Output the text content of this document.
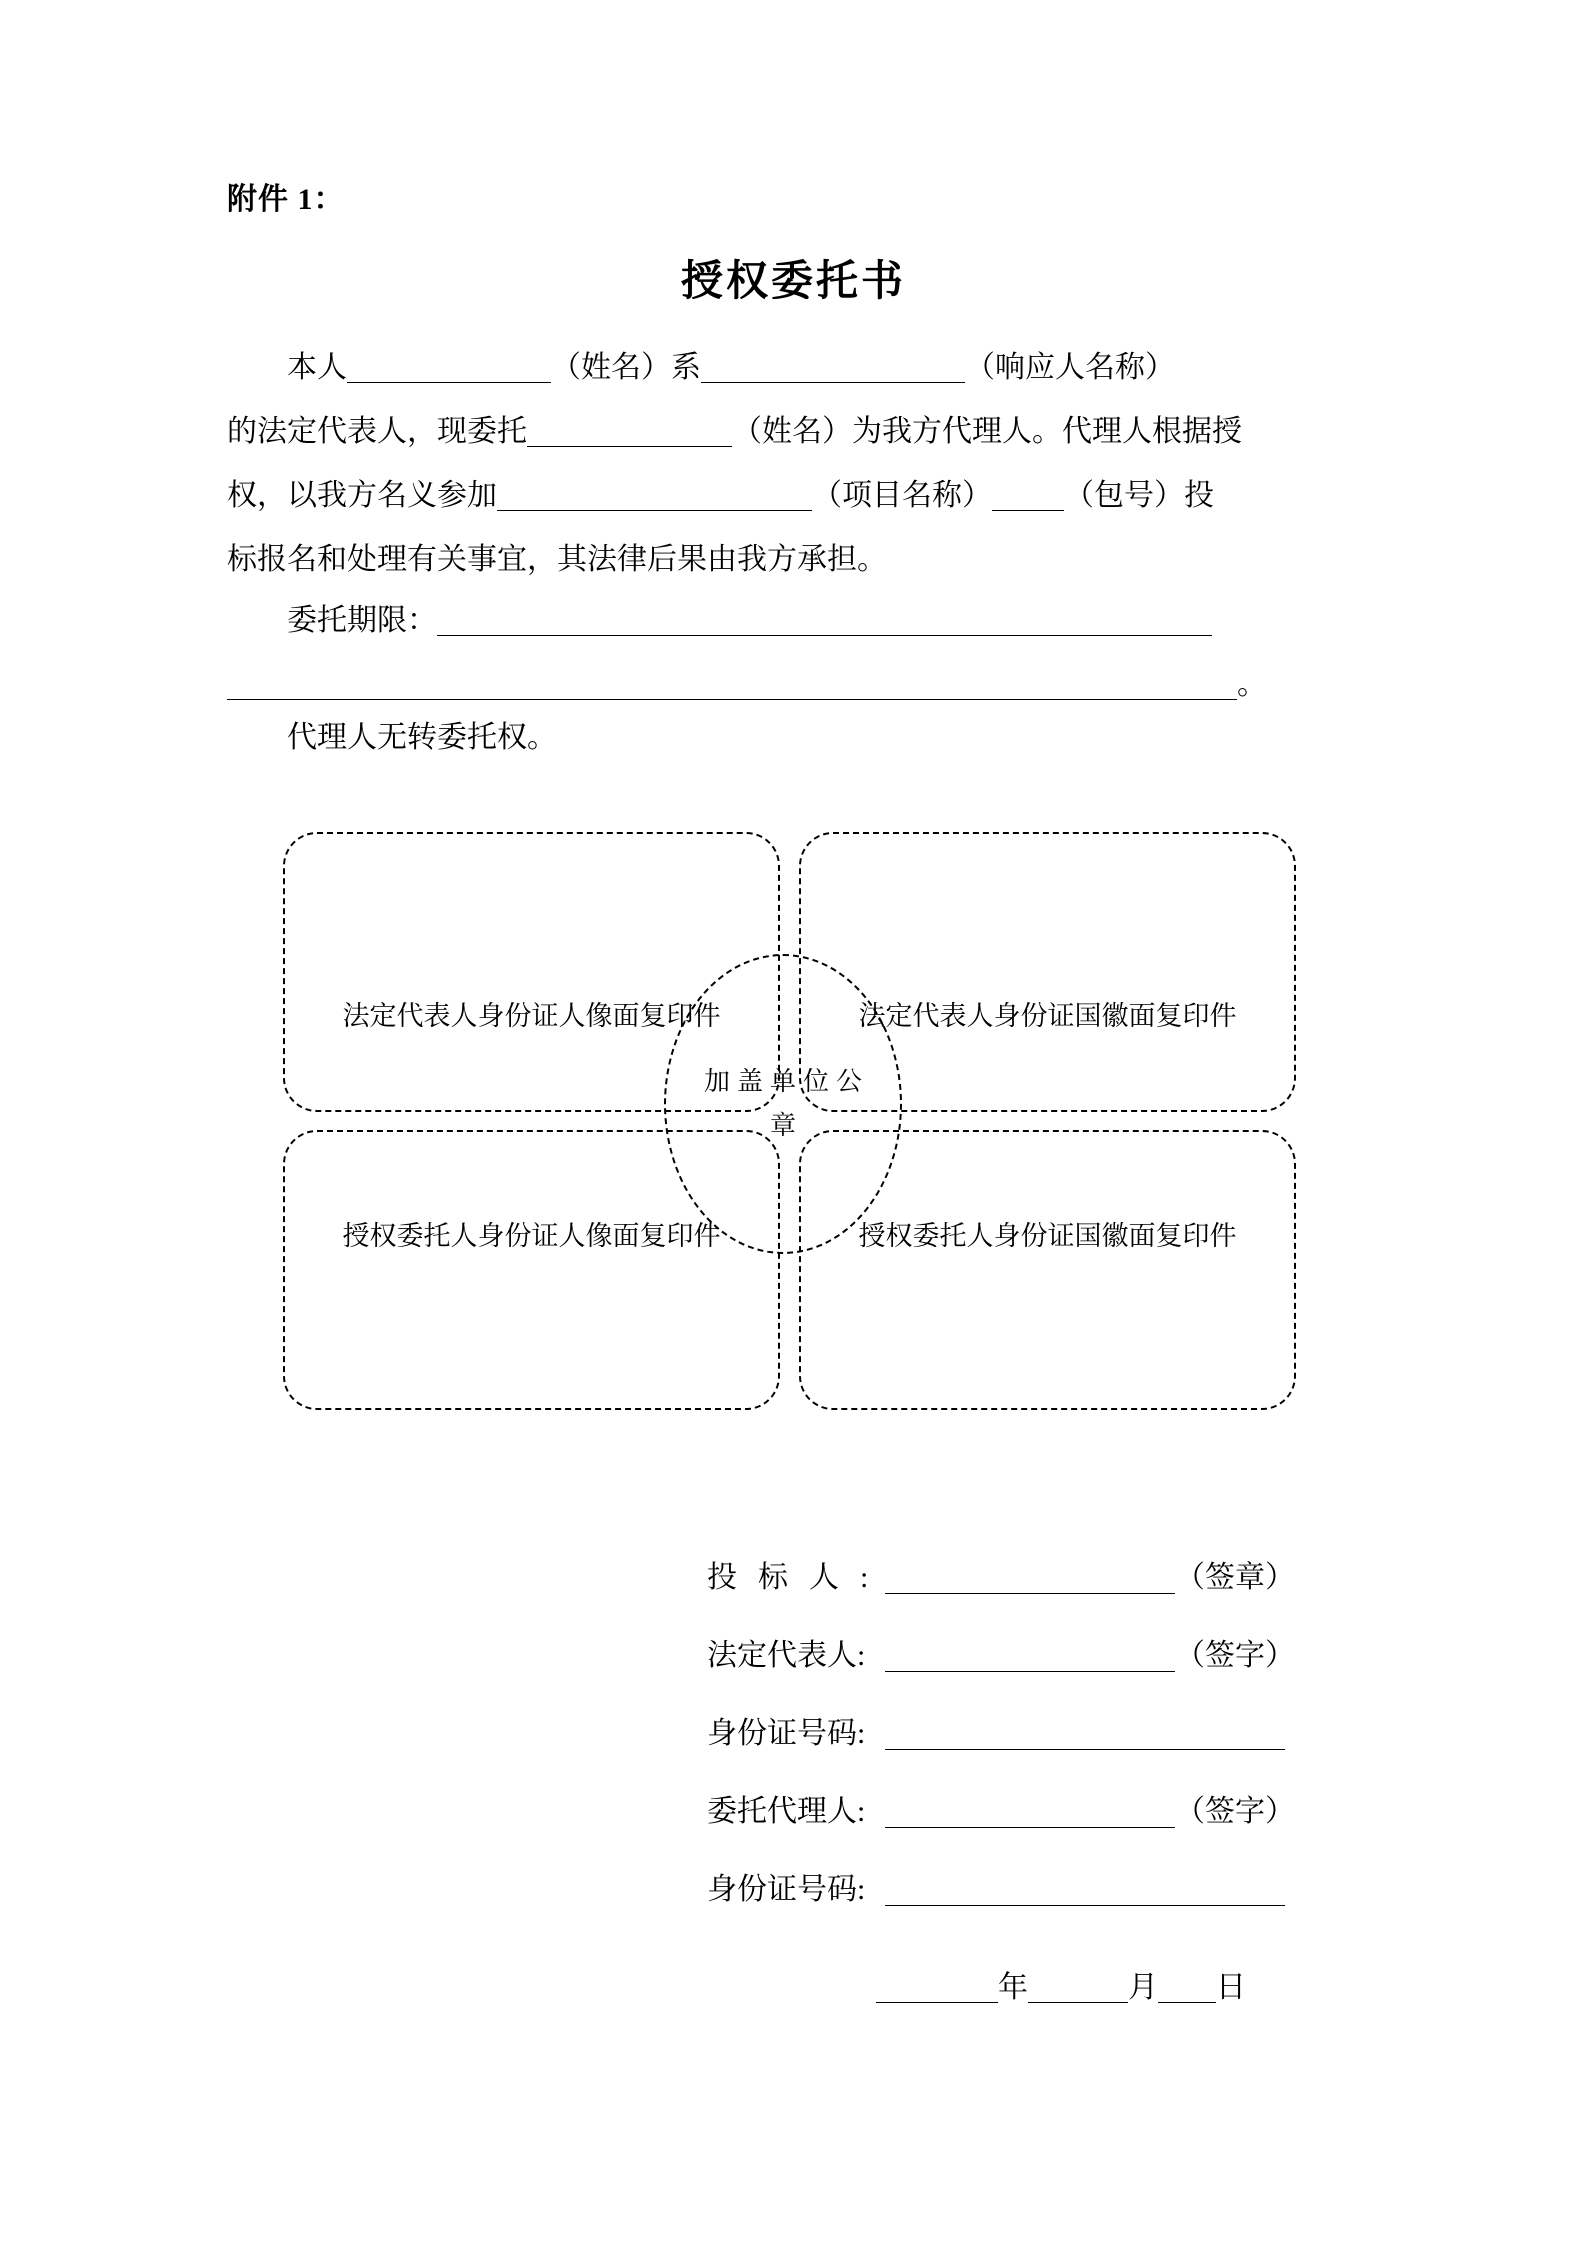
附件 1：
授权委托书
本人	（姓名）系	（响应人名称）
的法定代表人，现委托	（姓名）为我方代理人。代理人根据授
权，以我方名义参加	（项目名称） （包号）投
标报名和处理有关事宜，其法律后果由我方承担。
委托期限：
。
代理人无转委托权。
法定代表人身份证人像面复印件	法定代表人身份证国徽面复印件
授权委托人身份证人像面复印件	授权委托人身份证国徽面复印件
加盖单位公
章
投标人:	（签章）
法定代表人:	（签字）
身份证号码:
委托代理人:	（签字）
身份证号码:
年	月 日
